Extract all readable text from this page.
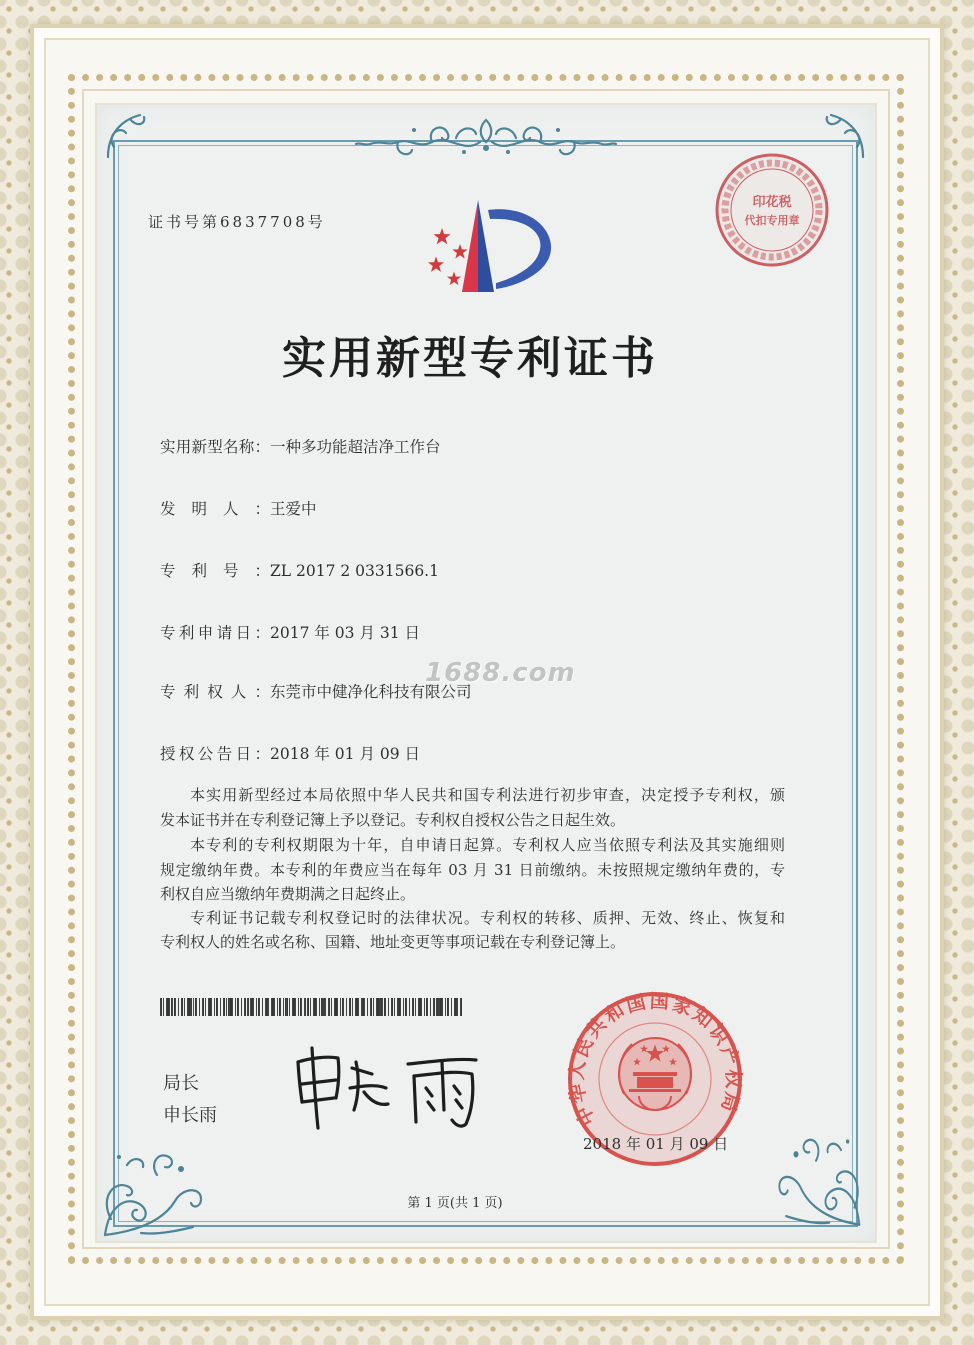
证书号第6837708号
印花税
代扣专用章
实用新型专利证书
实用新型名称：一种多功能超洁净工作台
发明人：王爱中
专利号：ZL 2017 2 0331566.1
专利申请日：2017 年 03 月 31 日
专利权人：东莞市中健净化科技有限公司
授权公告日：2018 年 01 月 09 日
1688.com
本实用新型经过本局依照中华人民共和国专利法进行初步审查，决定授予专利权，颁
发本证书并在专利登记簿上予以登记。专利权自授权公告之日起生效。
本专利的专利权期限为十年，自申请日起算。专利权人应当依照专利法及其实施细则
规定缴纳年费。本专利的年费应当在每年 03 月 31 日前缴纳。未按照规定缴纳年费的，专
利权自应当缴纳年费期满之日起终止。
专利证书记载专利权登记时的法律状况。专利权的转移、质押、无效、终止、恢复和
专利权人的姓名或名称、国籍、地址变更等事项记载在专利登记簿上。
局长
申长雨	中华人民共和国国家知识产权局
2018 年 01 月 09 日
第 1 页(共 1 页)
